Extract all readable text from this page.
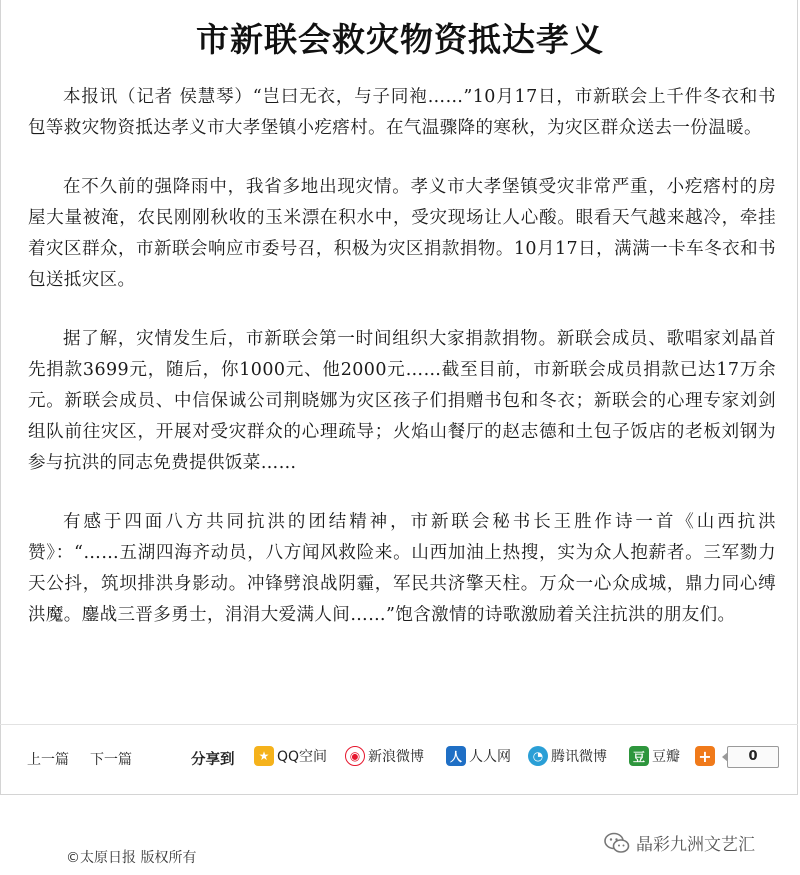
市新联会救灾物资抵达孝义

本报讯（记者 侯慧琴）“岂曰无衣，与子同袍……”10月17日，市新联会上千件冬衣和书包等救灾物资抵达孝义市大孝堡镇小疙瘩村。在气温骤降的寒秋，为灾区群众送去一份温暖。

在不久前的强降雨中，我省多地出现灾情。孝义市大孝堡镇受灾非常严重，小疙瘩村的房屋大量被淹，农民刚刚秋收的玉米漂在积水中，受灾现场让人心酸。眼看天气越来越冷，牵挂着灾区群众，市新联会响应市委号召，积极为灾区捐款捐物。10月17日，满满一卡车冬衣和书包送抵灾区。

据了解，灾情发生后，市新联会第一时间组织大家捐款捐物。新联会成员、歌唱家刘晶首先捐款3699元，随后，你1000元、他2000元……截至目前，市新联会成员捐款已达17万余元。新联会成员、中信保诚公司荆晓娜为灾区孩子们捐赠书包和冬衣；新联会的心理专家刘剑组队前往灾区，开展对受灾群众的心理疏导；火焰山餐厅的赵志德和土包子饭店的老板刘钢为参与抗洪的同志免费提供饭菜……

有感于四面八方共同抗洪的团结精神，市新联会秘书长王胜作诗一首《山西抗洪赞》：“……五湖四海齐动员，八方闻风救险来。山西加油上热搜，实为众人抱薪者。三军勠力天公抖，筑坝排洪身影动。冲锋劈浪战阴霾，军民共济擎天柱。万众一心众成城，鼎力同心缚洪魔。鏖战三晋多勇士，涓涓大爱满人间……”饱含激情的诗歌激励着关注抗洪的朋友们。

上一篇 下一篇	分享到	★ QQ空间	◉ 新浪微博	人 人人网	◔ 腾讯微博	豆 豆瓣 +	0
©太原日报 版权所有
晶彩九洲文艺汇
